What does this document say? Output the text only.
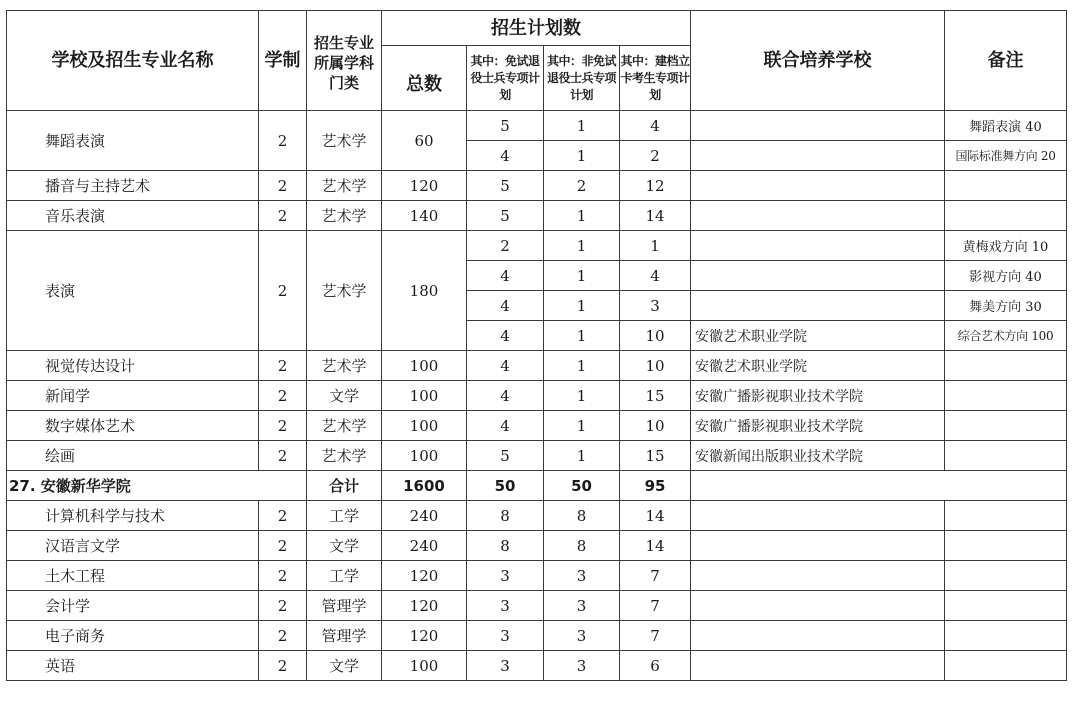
学校及招生专业名称	学制	招生专业所属学科门类	招生计划数				联合培养学校	备注
			总数	其中：免试退役士兵专项计划	其中：非免试退役士兵专项计划	其中：建档立卡考生专项计划		
舞蹈表演	2	艺术学	60	5	1	4		舞蹈表演 40
				4	1	2		国际标准舞方向 20
播音与主持艺术	2	艺术学	120	5	2	12		
音乐表演	2	艺术学	140	5	1	14		
表演	2	艺术学	180	2	1	1		黄梅戏方向 10
				4	1	4		影视方向 40
				4	1	3		舞美方向 30
				4	1	10	安徽艺术职业学院	综合艺术方向 100
视觉传达设计	2	艺术学	100	4	1	10	安徽艺术职业学院	
新闻学	2	文学	100	4	1	15	安徽广播影视职业技术学院	
数字媒体艺术	2	艺术学	100	4	1	10	安徽广播影视职业技术学院	
绘画	2	艺术学	100	5	1	15	安徽新闻出版职业技术学院	
27. 安徽新华学院		合计	1600	50	50	95		
计算机科学与技术	2	工学	240	8	8	14		
汉语言文学	2	文学	240	8	8	14		
土木工程	2	工学	120	3	3	7		
会计学	2	管理学	120	3	3	7		
电子商务	2	管理学	120	3	3	7		
英语	2	文学	100	3	3	6		
